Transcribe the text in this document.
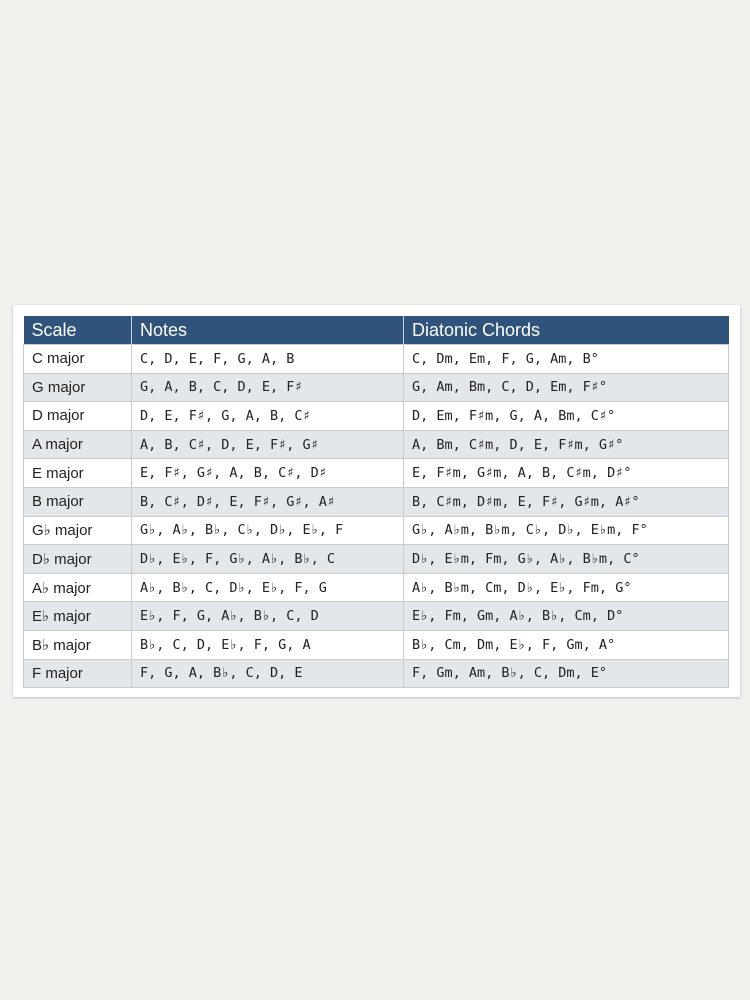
Scale	Notes	Diatonic Chords
C major	C, D, E, F, G, A, B	C, Dm, Em, F, G, Am, B°
G major	G, A, B, C, D, E, F♯	G, Am, Bm, C, D, Em, F♯°
D major	D, E, F♯, G, A, B, C♯	D, Em, F♯m, G, A, Bm, C♯°
A major	A, B, C♯, D, E, F♯, G♯	A, Bm, C♯m, D, E, F♯m, G♯°
E major	E, F♯, G♯, A, B, C♯, D♯	E, F♯m, G♯m, A, B, C♯m, D♯°
B major	B, C♯, D♯, E, F♯, G♯, A♯	B, C♯m, D♯m, E, F♯, G♯m, A♯°
G♭ major	G♭, A♭, B♭, C♭, D♭, E♭, F	G♭, A♭m, B♭m, C♭, D♭, E♭m, F°
D♭ major	D♭, E♭, F, G♭, A♭, B♭, C	D♭, E♭m, Fm, G♭, A♭, B♭m, C°
A♭ major	A♭, B♭, C, D♭, E♭, F, G	A♭, B♭m, Cm, D♭, E♭, Fm, G°
E♭ major	E♭, F, G, A♭, B♭, C, D	E♭, Fm, Gm, A♭, B♭, Cm, D°
B♭ major	B♭, C, D, E♭, F, G, A	B♭, Cm, Dm, E♭, F, Gm, A°
F major	F, G, A, B♭, C, D, E	F, Gm, Am, B♭, C, Dm, E°
